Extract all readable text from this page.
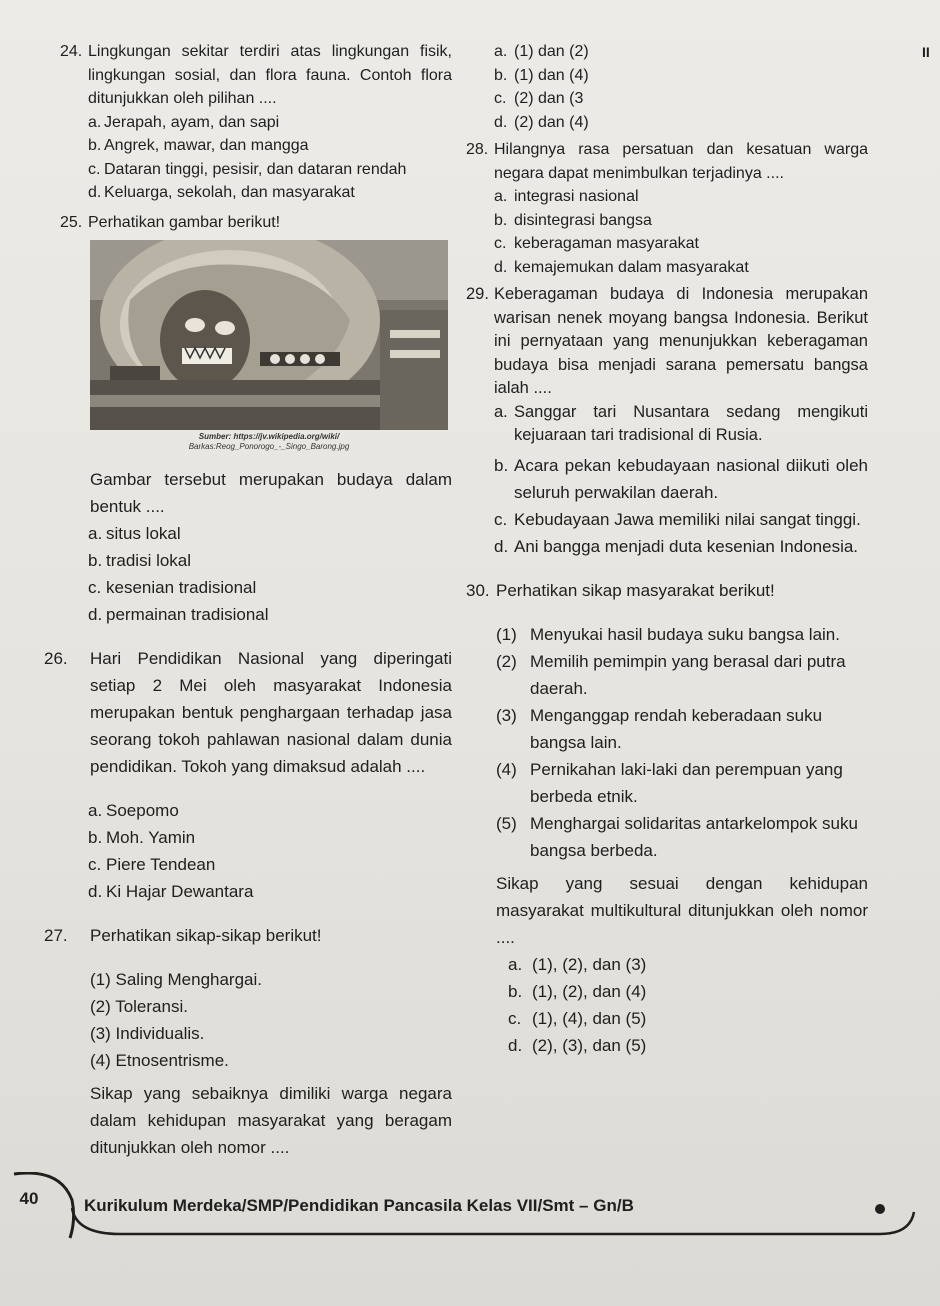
II

24. Lingkungan sekitar terdiri atas lingkungan fisik, lingkungan sosial, dan flora fauna. Contoh flora ditunjukkan oleh pilihan ....

a. Jerapah, ayam, dan sapi

b. Angrek, mawar, dan mangga

c. Dataran tinggi, pesisir, dan dataran rendah

d. Keluarga, sekolah, dan masyarakat

25. Perhatikan gambar berikut!

Sumber: https://jv.wikipedia.org/wiki/
Barkas:Reog_Ponorogo_-_Singo_Barong.jpg

Gambar tersebut merupakan budaya dalam bentuk ....

a. situs lokal

b. tradisi lokal

c. kesenian tradisional

d. permainan tradisional

26. Hari Pendidikan Nasional yang diperingati setiap 2 Mei oleh masyarakat Indonesia merupakan bentuk penghargaan terhadap jasa seorang tokoh pahlawan nasional dalam dunia pendidikan. Tokoh yang dimaksud adalah ....

a. Soepomo

b. Moh. Yamin

c. Piere Tendean

d. Ki Hajar Dewantara

27. Perhatikan sikap-sikap berikut!

(1) Saling Menghargai.

(2) Toleransi.

(3) Individualis.

(4) Etnosentrisme.

Sikap yang sebaiknya dimiliki warga negara dalam kehidupan masyarakat yang beragam ditunjukkan oleh nomor ....

a. (1) dan (2)

b. (1) dan (4)

c. (2) dan (3

d. (2) dan (4)

28. Hilangnya rasa persatuan dan kesatuan warga negara dapat menimbulkan terjadinya ....

a. integrasi nasional

b. disintegrasi bangsa

c. keberagaman masyarakat

d. kemajemukan dalam masyarakat

29. Keberagaman budaya di Indonesia merupakan warisan nenek moyang bangsa Indonesia. Berikut ini pernyataan yang menunjukkan keberagaman budaya bisa menjadi sarana pemersatu bangsa ialah ....

a. Sanggar tari Nusantara sedang mengikuti kejuaraan tari tradisional di Rusia.

b. Acara pekan kebudayaan nasional diikuti oleh seluruh perwakilan daerah.

c. Kebudayaan Jawa memiliki nilai sangat tinggi.

d. Ani bangga menjadi duta kesenian Indonesia.

30. Perhatikan sikap masyarakat berikut!

(1) Menyukai hasil budaya suku bangsa lain.

(2) Memilih pemimpin yang berasal dari putra daerah.

(3) Menganggap rendah keberadaan suku bangsa lain.

(4) Pernikahan laki-laki dan perempuan yang berbeda etnik.

(5) Menghargai solidaritas antarkelompok suku bangsa berbeda.

Sikap yang sesuai dengan kehidupan masyarakat multikultural ditunjukkan oleh nomor ....

a. (1), (2), dan (3)

b. (1), (2), dan (4)

c. (1), (4), dan (5)

d. (2), (3), dan (5)

40	Kurikulum Merdeka/SMP/Pendidikan Pancasila Kelas VII/Smt – Gn/B
